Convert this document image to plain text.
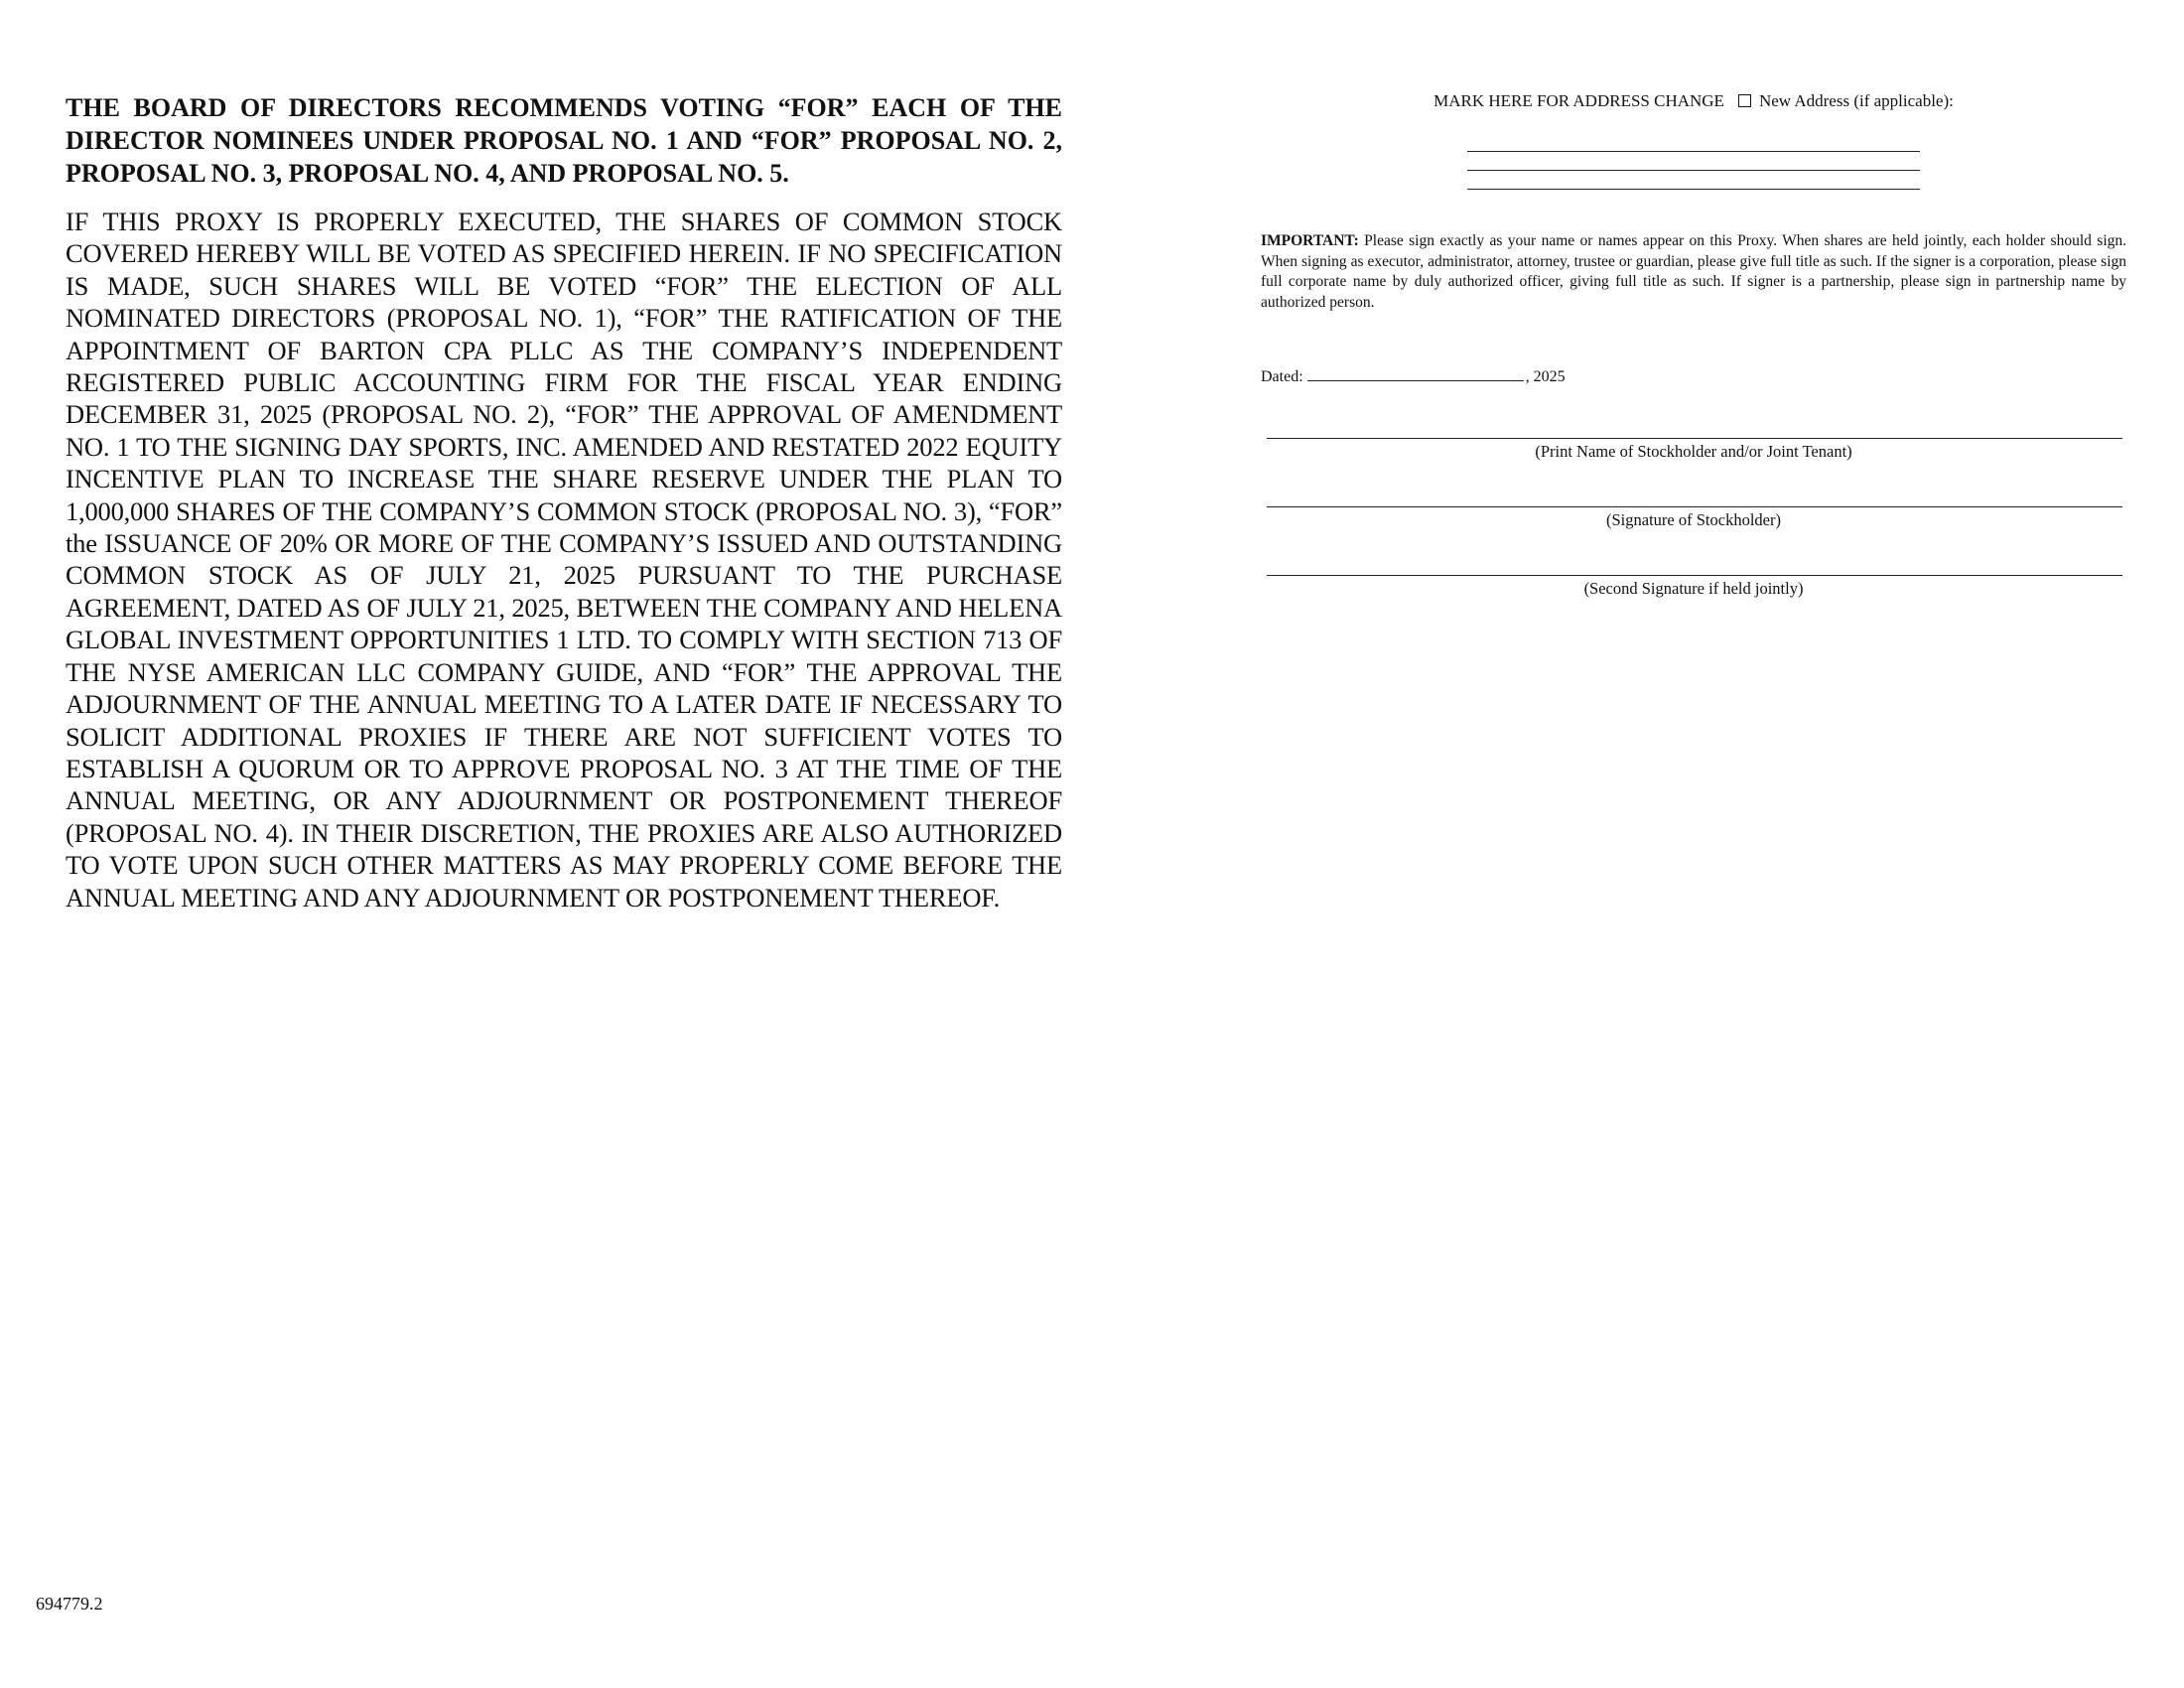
THE BOARD OF DIRECTORS RECOMMENDS VOTING “FOR” EACH OF THE DIRECTOR NOMINEES UNDER PROPOSAL NO. 1 AND “FOR” PROPOSAL NO. 2, PROPOSAL NO. 3, PROPOSAL NO. 4, AND PROPOSAL NO. 5.

IF THIS PROXY IS PROPERLY EXECUTED, THE SHARES OF COMMON STOCK COVERED HEREBY WILL BE VOTED AS SPECIFIED HEREIN. IF NO SPECIFICATION IS MADE, SUCH SHARES WILL BE VOTED “FOR” THE ELECTION OF ALL NOMINATED DIRECTORS (PROPOSAL NO. 1), “FOR” THE RATIFICATION OF THE APPOINTMENT OF BARTON CPA PLLC AS THE COMPANY’S INDEPENDENT REGISTERED PUBLIC ACCOUNTING FIRM FOR THE FISCAL YEAR ENDING DECEMBER 31, 2025 (PROPOSAL NO. 2), “FOR” THE APPROVAL OF AMENDMENT NO. 1 TO THE SIGNING DAY SPORTS, INC. AMENDED AND RESTATED 2022 EQUITY INCENTIVE PLAN TO INCREASE THE SHARE RESERVE UNDER THE PLAN TO 1,000,000 SHARES OF THE COMPANY’S COMMON STOCK (PROPOSAL NO. 3), “FOR” the ISSUANCE OF 20% OR MORE OF THE COMPANY’S ISSUED AND OUTSTANDING COMMON STOCK AS OF JULY 21, 2025 PURSUANT TO THE PURCHASE AGREEMENT, DATED AS OF JULY 21, 2025, BETWEEN THE COMPANY AND HELENA GLOBAL INVESTMENT OPPORTUNITIES 1 LTD. TO COMPLY WITH SECTION 713 OF THE NYSE AMERICAN LLC COMPANY GUIDE, AND “FOR” THE APPROVAL THE ADJOURNMENT OF THE ANNUAL MEETING TO A LATER DATE IF NECESSARY TO SOLICIT ADDITIONAL PROXIES IF THERE ARE NOT SUFFICIENT VOTES TO ESTABLISH A QUORUM OR TO APPROVE PROPOSAL NO. 3 AT THE TIME OF THE ANNUAL MEETING, OR ANY ADJOURNMENT OR POSTPONEMENT THEREOF (PROPOSAL NO. 4). IN THEIR DISCRETION, THE PROXIES ARE ALSO AUTHORIZED TO VOTE UPON SUCH OTHER MATTERS AS MAY PROPERLY COME BEFORE THE ANNUAL MEETING AND ANY ADJOURNMENT OR POSTPONEMENT THEREOF.

MARK HERE FOR ADDRESS CHANGE New Address (if applicable):
IMPORTANT: Please sign exactly as your name or names appear on this Proxy. When shares are held jointly, each holder should sign. When signing as executor, administrator, attorney, trustee or guardian, please give full title as such. If the signer is a corporation, please sign full corporate name by duly authorized officer, giving full title as such. If signer is a partnership, please sign in partnership name by authorized person.
Dated:	, 2025
(Print Name of Stockholder and/or Joint Tenant)
(Signature of Stockholder)
(Second Signature if held jointly)
694779.2
